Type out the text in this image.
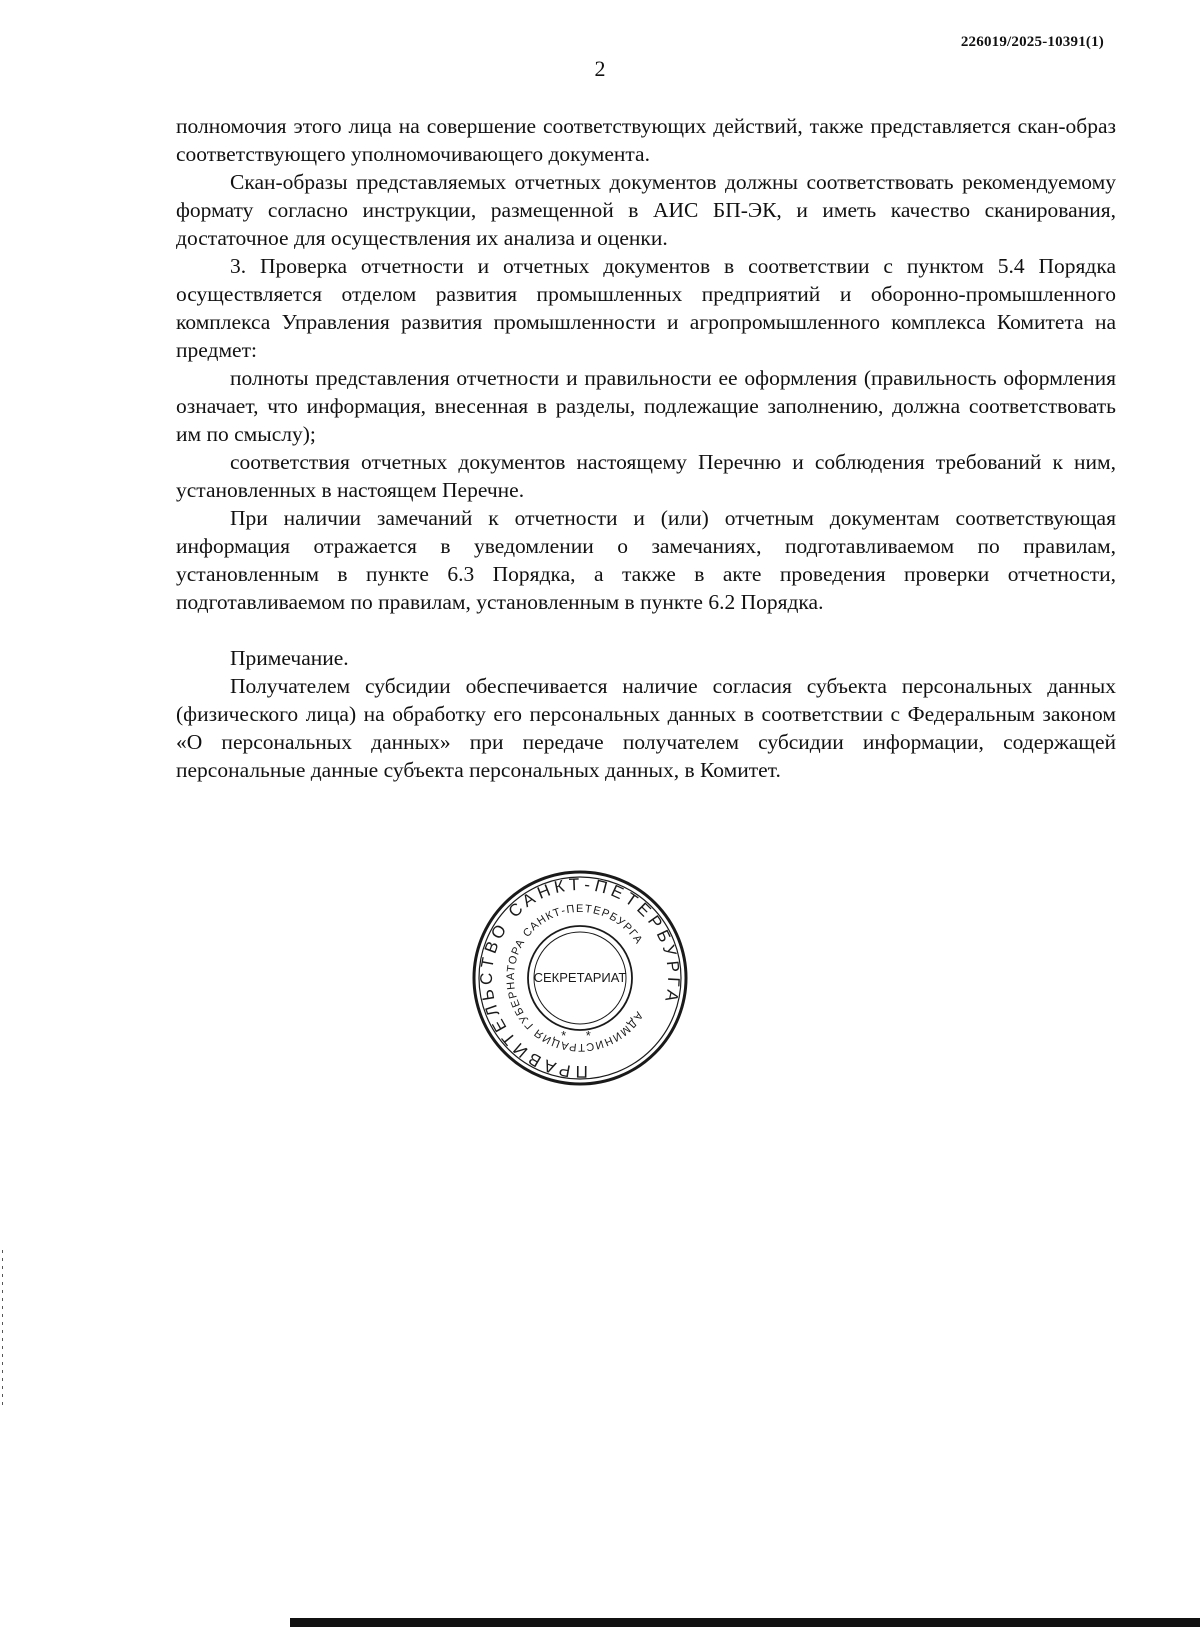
226019/2025-10391(1)
2

полномочия этого лица на совершение соответствующих действий, также представляется скан-образ соответствующего уполномочивающего документа.

Скан-образы представляемых отчетных документов должны соответствовать рекомендуемому формату согласно инструкции, размещенной в АИС БП-ЭК, и иметь качество сканирования, достаточное для осуществления их анализа и оценки.

3. Проверка отчетности и отчетных документов в соответствии с пунктом 5.4 Порядка осуществляется отделом развития промышленных предприятий и оборонно-промышленного комплекса Управления развития промышленности и агропромышленного комплекса Комитета на предмет:

полноты представления отчетности и правильности ее оформления (правильность оформления означает, что информация, внесенная в разделы, подлежащие заполнению, должна соответствовать им по смыслу);

соответствия отчетных документов настоящему Перечню и соблюдения требований к ним, установленных в настоящем Перечне.

При наличии замечаний к отчетности и (или) отчетным документам соответствующая информация отражается в уведомлении о замечаниях, подготавливаемом по правилам, установленным в пункте 6.3 Порядка, а также в акте проведения проверки отчетности, подготавливаемом по правилам, установленным в пункте 6.2 Порядка.

Примечание.

Получателем субсидии обеспечивается наличие согласия субъекта персональных данных (физического лица) на обработку его персональных данных в соответствии с Федеральным законом «О персональных данных» при передаче получателем субсидии информации, содержащей персональные данные субъекта персональных данных, в Комитет.

ПРАВИТЕЛЬСТВО САНКТ-ПЕТЕРБУРГА
АДМИНИСТРАЦИЯ ГУБЕРНАТОРА САНКТ-ПЕТЕРБУРГА
СЕКРЕТАРИАТ
* *
